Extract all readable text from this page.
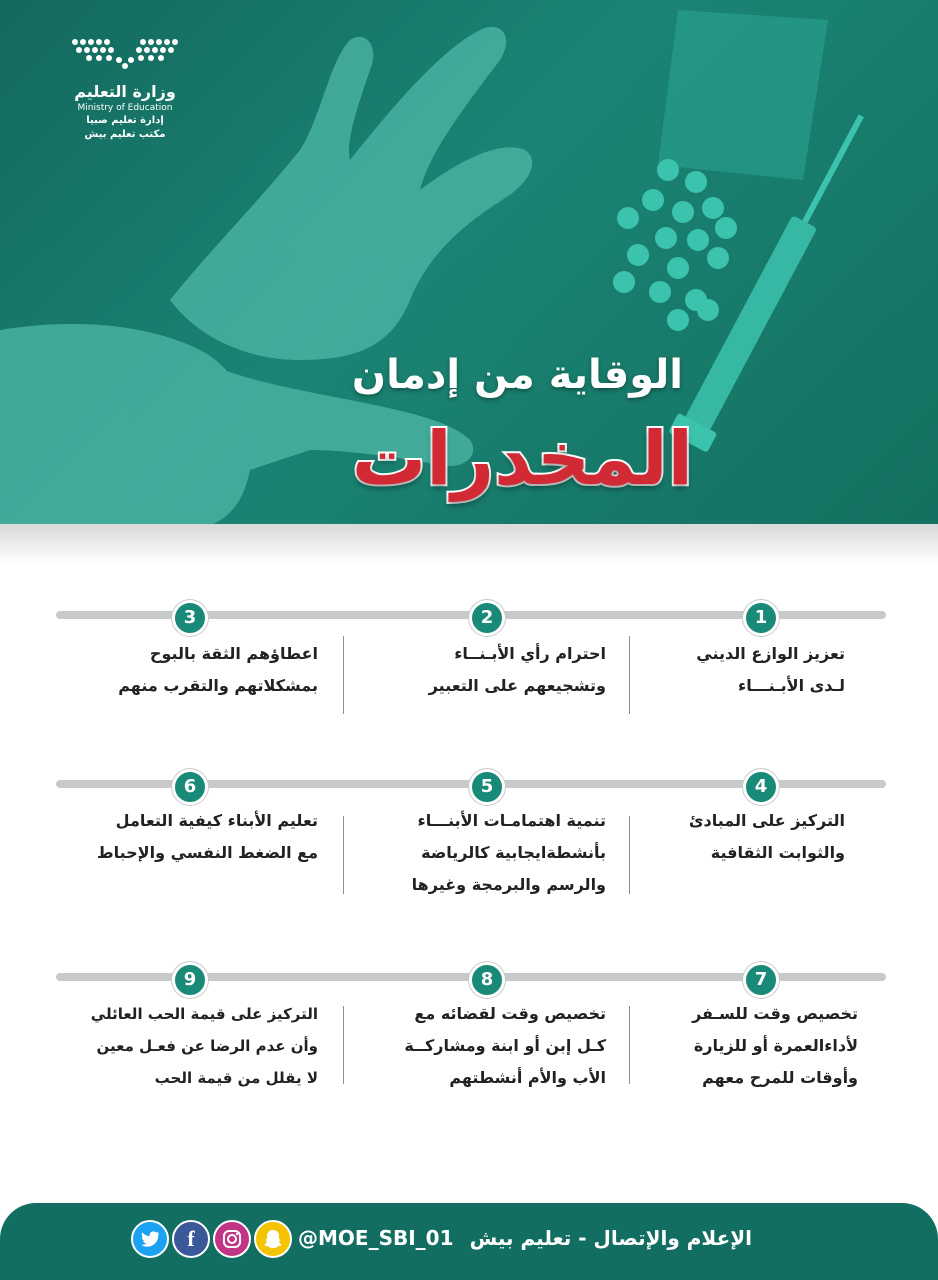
وزارة التعليم
Ministry of Education
إدارة تعليم صبيا
مكتب تعليم بيش
الوقاية من إدمان
المخدرات
1
2
3
تعزيز الوازع الديني
لـدى الأبـنـــاء
احترام رأي الأبـنــاء
وتشجيعهم على التعبير
اعطاؤهم الثقة بالبوح
بمشكلاتهم والتقرب منهم
4
5
6
التركيز على المبادئ
والثوابت الثقافية
تنمية اهتمامـات الأبنـــاء
بأنشطةايجابية كالرياضة
والرسم والبرمجة وغيرها
تعليم الأبناء كيفية التعامل
مع الضغط النفسي والإحباط
7
8
9
تخصيص وقت للسـفر
لأداءالعمرة أو للزيارة
وأوقات للمرح معهم
تخصيص وقت لقضائه مع
كـل إبن أو ابنة ومشاركــة
الأب والأم أنشطتهم
التركيز على قيمة الحب العائلي
وأن عدم الرضا عن فعـل معين
لا يقلل من قيمة الحب
الإعلام والإتصال - تعليم بيش
@MOE_SBI_01
f
